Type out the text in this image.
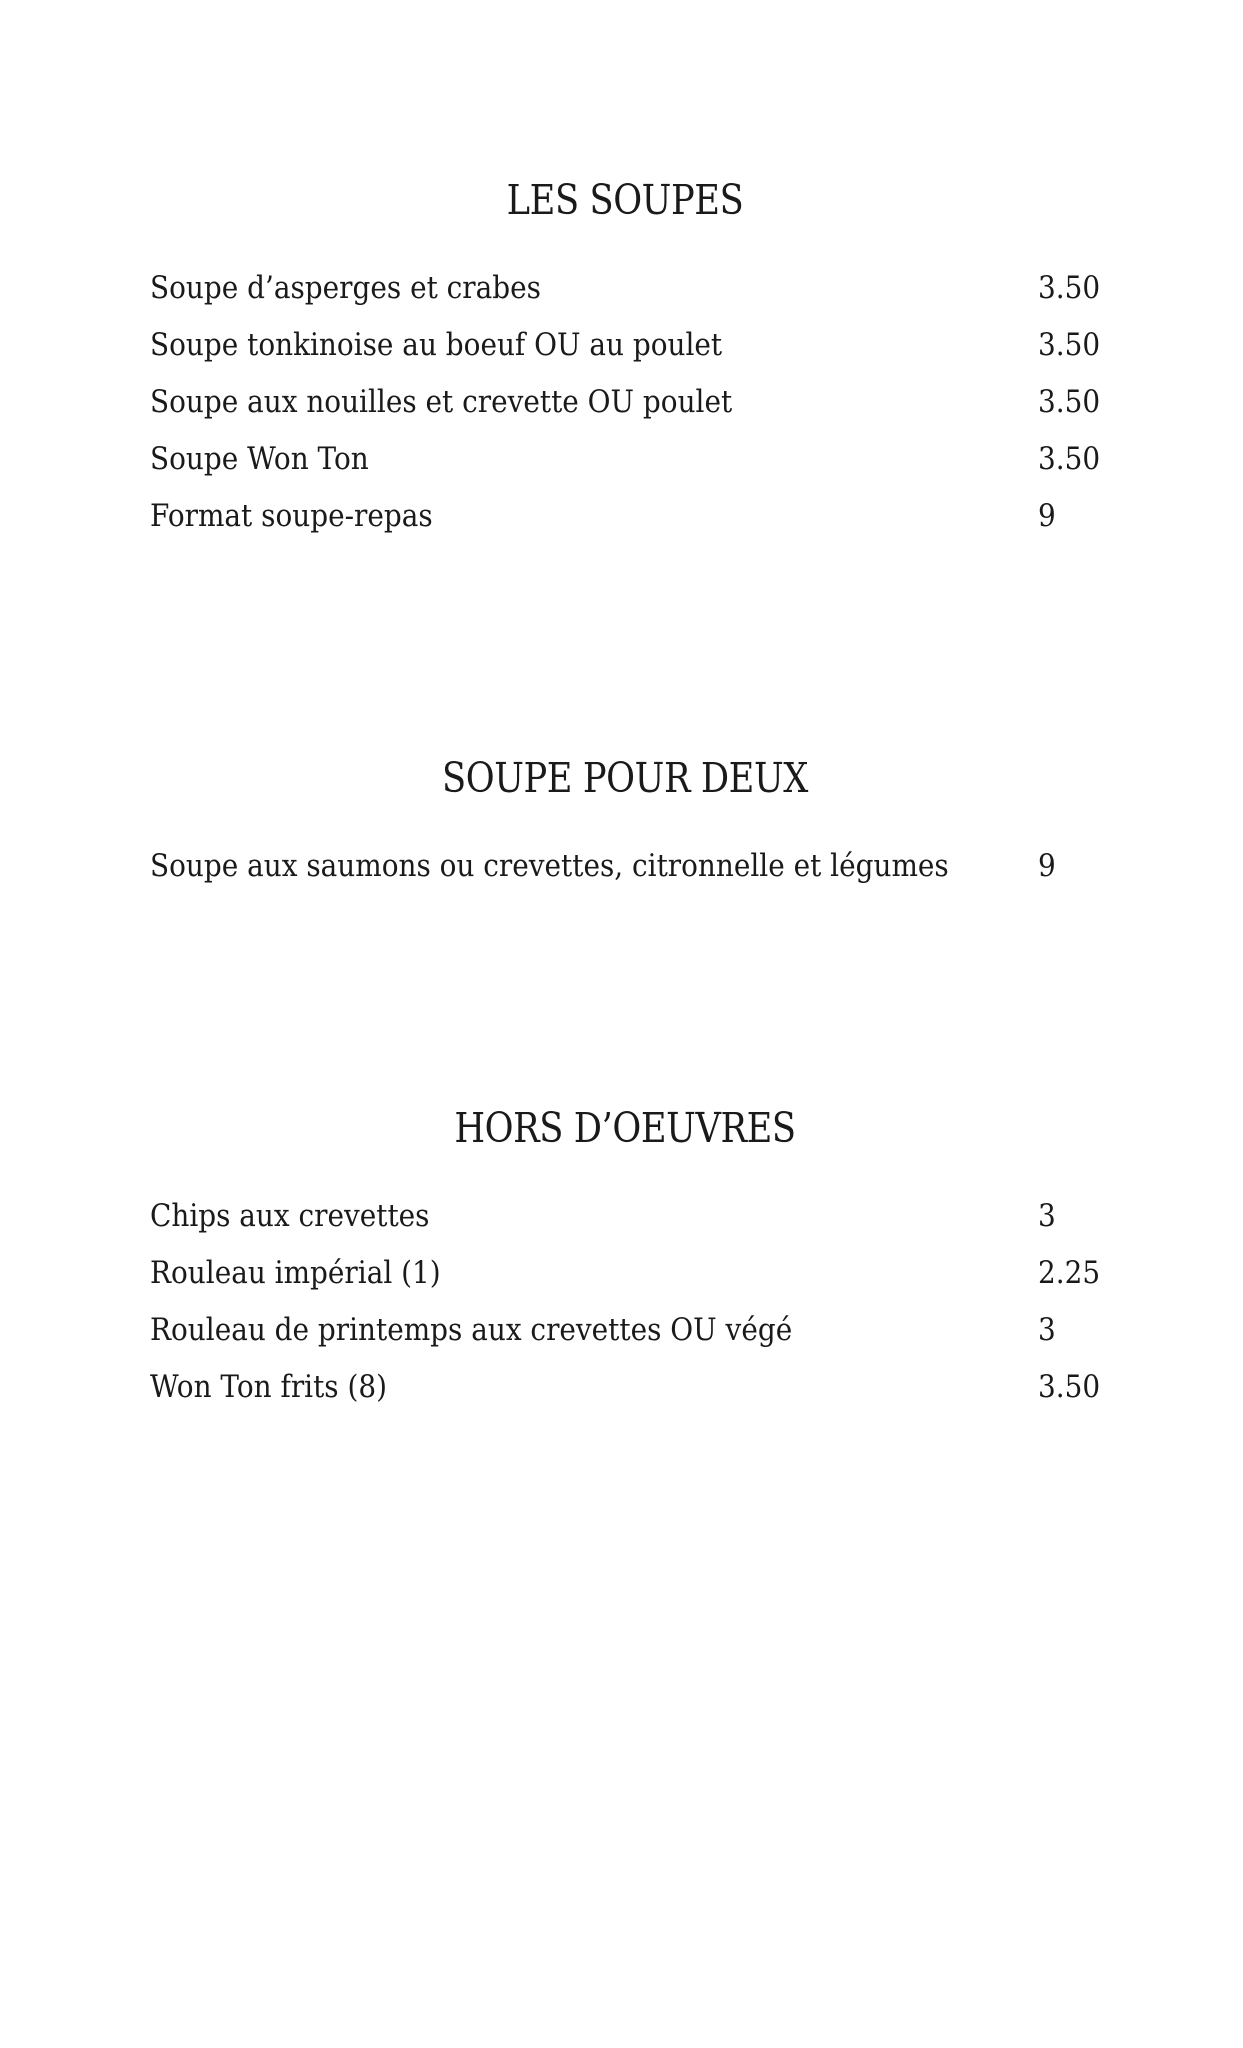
LES SOUPES
Soupe d’asperges et crabes	3.50
Soupe tonkinoise au boeuf OU au poulet	3.50
Soupe aux nouilles et crevette OU poulet	3.50
Soupe Won Ton	3.50
Format soupe-repas	9
SOUPE POUR DEUX
Soupe aux saumons ou crevettes, citronnelle et légumes	9
HORS D’OEUVRES
Chips aux crevettes	3
Rouleau impérial (1)	2.25
Rouleau de printemps aux crevettes OU végé	3
Won Ton frits (8)	3.50
